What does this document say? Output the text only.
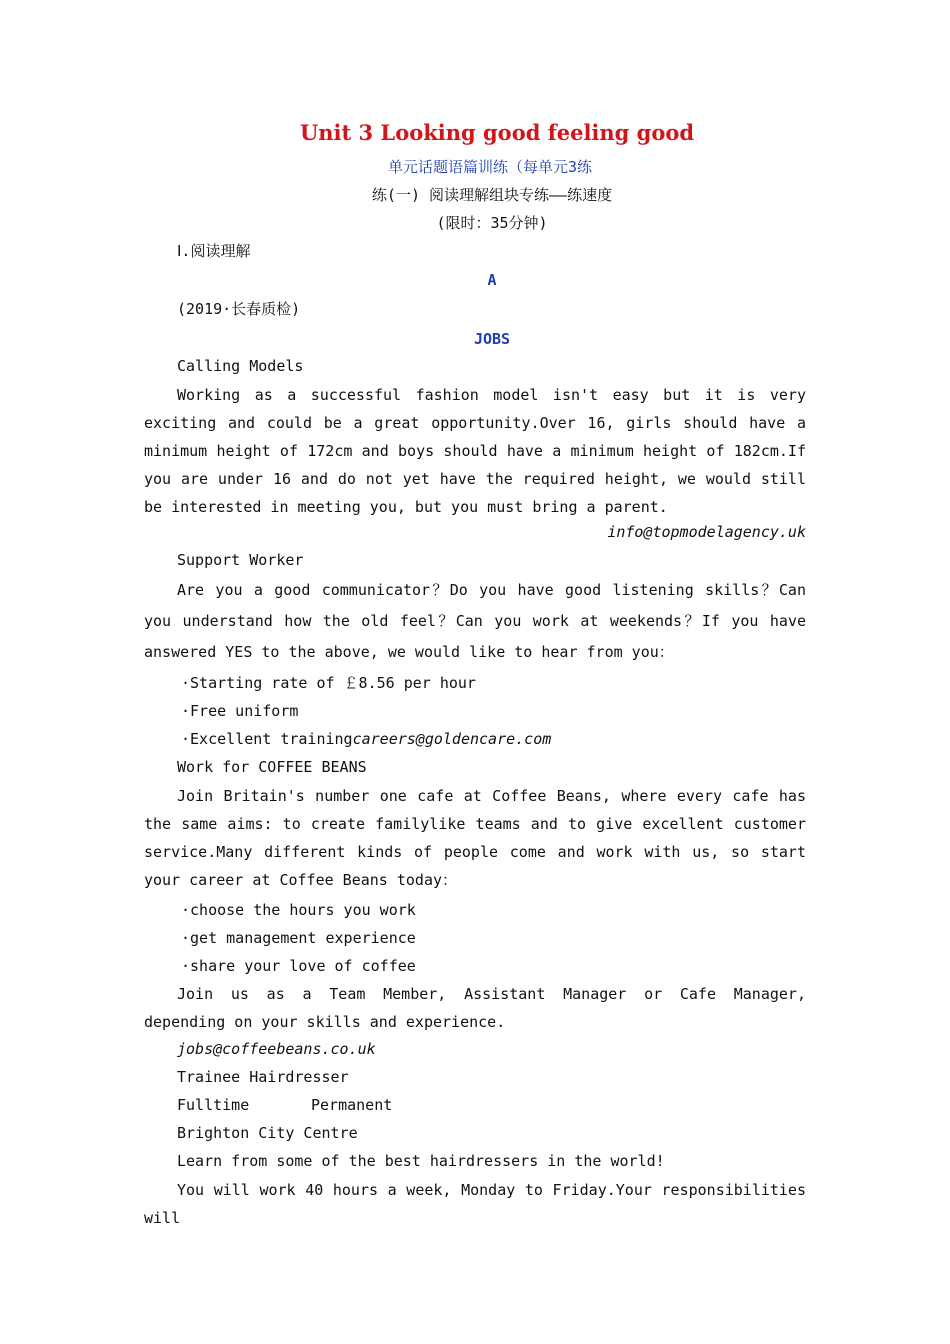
Unit 3 Looking good feeling good
单元话题语篇训练（每单元3练
练(一) 阅读理解组块专练——练速度
(限时：35分钟)
Ⅰ.阅读理解
A
(2019·长春质检)
JOBS
Calling Models
Working as a successful fashion model isn't easy but it is very exciting and could be a great opportunity.Over 16, girls should have a minimum height of 172cm and boys should have a minimum height of 182cm.If you are under 16 and do not yet have the required height, we would still be interested in meeting you, but you must bring a parent.
info@topmodelagency.uk
Support Worker
Are you a good communicator？Do you have good listening skills？Can you understand how the old feel？Can you work at weekends？If you have answered YES to the above, we would like to hear from you：
·Starting rate of ￡8.56 per hour
·Free uniform
·Excellent trainingcareers@goldencare.com
Work for COFFEE BEANS
Join Britain's number one cafe at Coffee Beans, where every cafe has the same aims: to create familylike teams and to give excellent customer service.Many different kinds of people come and work with us, so start your career at Coffee Beans today：
·choose the hours you work
·get management experience
·share your love of coffee
Join us as a Team Member, Assistant Manager or Cafe Manager, depending on your skills and experience.
jobs@coffeebeans.co.uk
Trainee Hairdresser
Fulltime	Permanent
Brighton City Centre
Learn from some of the best hairdressers in the world!
You will work 40 hours a week, Monday to Friday.Your responsibilities will
